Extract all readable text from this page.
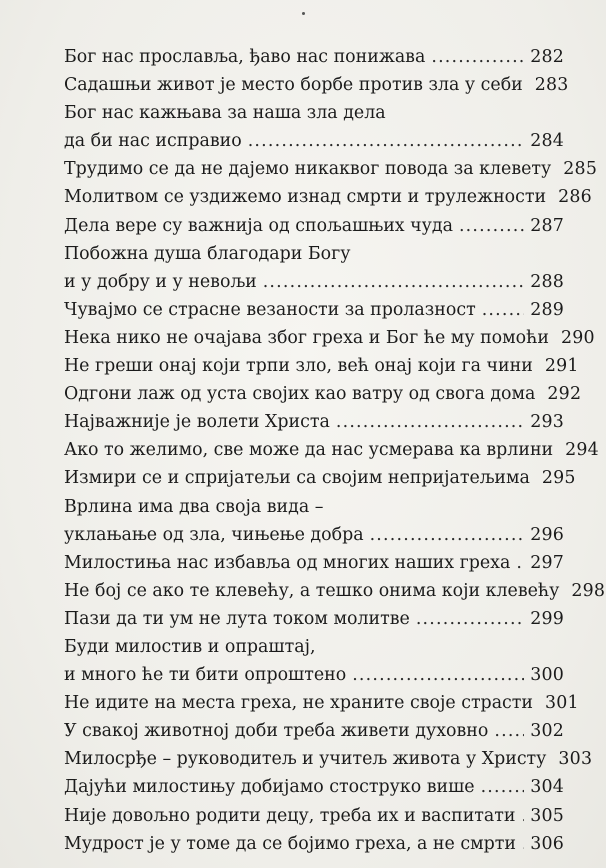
Бог нас прославља, ђаво нас понижава .....	282
Садашњи живот је место борбе против зла у себи 283
Бог нас кажњава за наша зла дела
да би нас исправио .....	284
Трудимо се да не дајемо никаквог повода за клевету 285
Молитвом се уздижемо изнад смрти и трулежности 286
Дела вере су важнија од спољашњих чуда .....	287
Побожна душа благодари Богу
и у добру и у невољи .....	288
Чувајмо се страсне везаности за пролазност .....	289
Нека нико не очајава због греха и Бог ће му помоћи 290
Не греши онај који трпи зло, већ онај који га чини 291
Одгони лаж од уста својих као ватру од свога дома 292
Најважније је волети Христа .....	293
Ако то желимо, све може да нас усмерава ка врлини 294
Измири се и спријатељи са својим непријатељима 295
Врлина има два своја вида –
уклањање од зла, чињење добра .....	296
Милостиња нас избавља од многих наших греха ..... 297
Не бој се ако те клевећу, а тешко онима који клевећу 298
Пази да ти ум не лута током молитве .....	299
Буди милостив и опраштај,
и много ће ти бити опроштено .....	300
Не идите на места греха, не храните своје страсти 301
У свакој животној доби треба живети духовно ..... 302
Милосрђе – руководитељ и учитељ живота у Христу 303
Дајући милостињу добијамо стоструко више .....	304
Није довољно родити децу, треба их и васпитати ..... 305
Мудрост је у томе да се бојимо греха, а не смрти ..... 306
